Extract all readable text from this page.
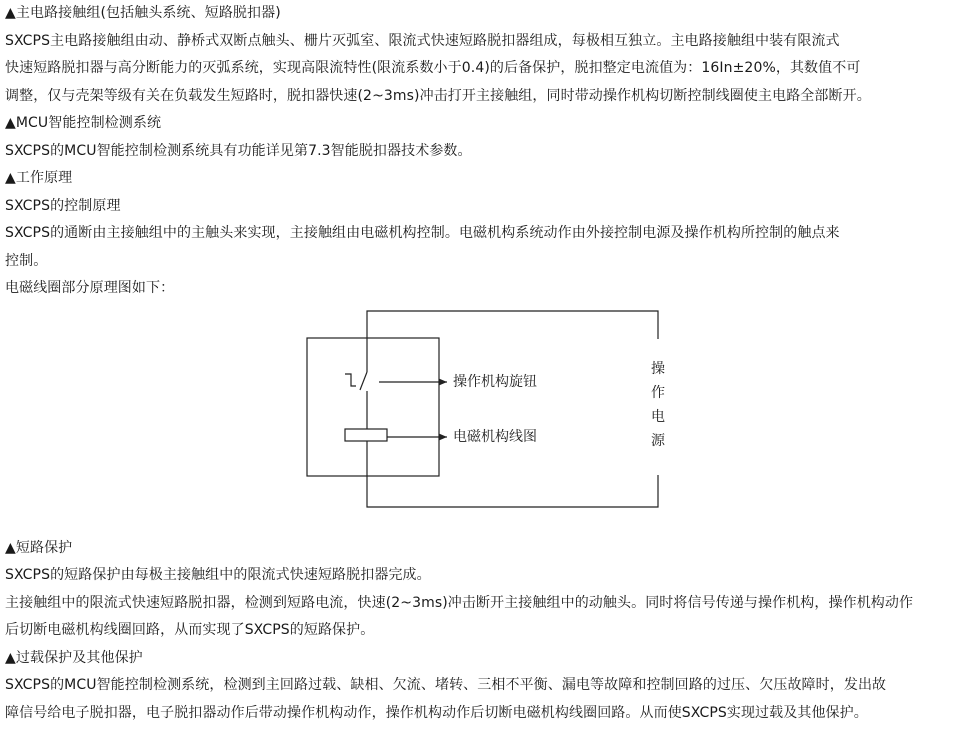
▲主电路接触组(包括触头系统、短路脱扣器)
SXCPS主电路接触组由动、静桥式双断点触头、栅片灭弧室、限流式快速短路脱扣器组成，每极相互独立。主电路接触组中装有限流式
快速短路脱扣器与高分断能力的灭弧系统，实现高限流特性(限流系数小于0.4)的后备保护，脱扣整定电流值为：16In±20%，其数值不可
调整，仅与壳架等级有关在负载发生短路时，脱扣器快速(2~3ms)冲击打开主接触组，同时带动操作机构切断控制线圈使主电路全部断开。
▲MCU智能控制检测系统
SXCPS的MCU智能控制检测系统具有功能详见第7.3智能脱扣器技术参数。
▲工作原理
SXCPS的控制原理
SXCPS的通断由主接触组中的主触头来实现，主接触组由电磁机构控制。电磁机构系统动作由外接控制电源及操作机构所控制的触点来
控制。
电磁线圈部分原理图如下：
操作机构旋钮
电磁机构线图
操
作
电
源
▲短路保护
SXCPS的短路保护由每极主接触组中的限流式快速短路脱扣器完成。
主接触组中的限流式快速短路脱扣器，检测到短路电流，快速(2~3ms)冲击断开主接触组中的动触头。同时将信号传递与操作机构，操作机构动作
后切断电磁机构线圈回路，从而实现了SXCPS的短路保护。
▲过载保护及其他保护
SXCPS的MCU智能控制检测系统，检测到主回路过载、缺相、欠流、堵转、三相不平衡、漏电等故障和控制回路的过压、欠压故障时，发出故
障信号给电子脱扣器，电子脱扣器动作后带动操作机构动作，操作机构动作后切断电磁机构线圈回路。从而使SXCPS实现过载及其他保护。
